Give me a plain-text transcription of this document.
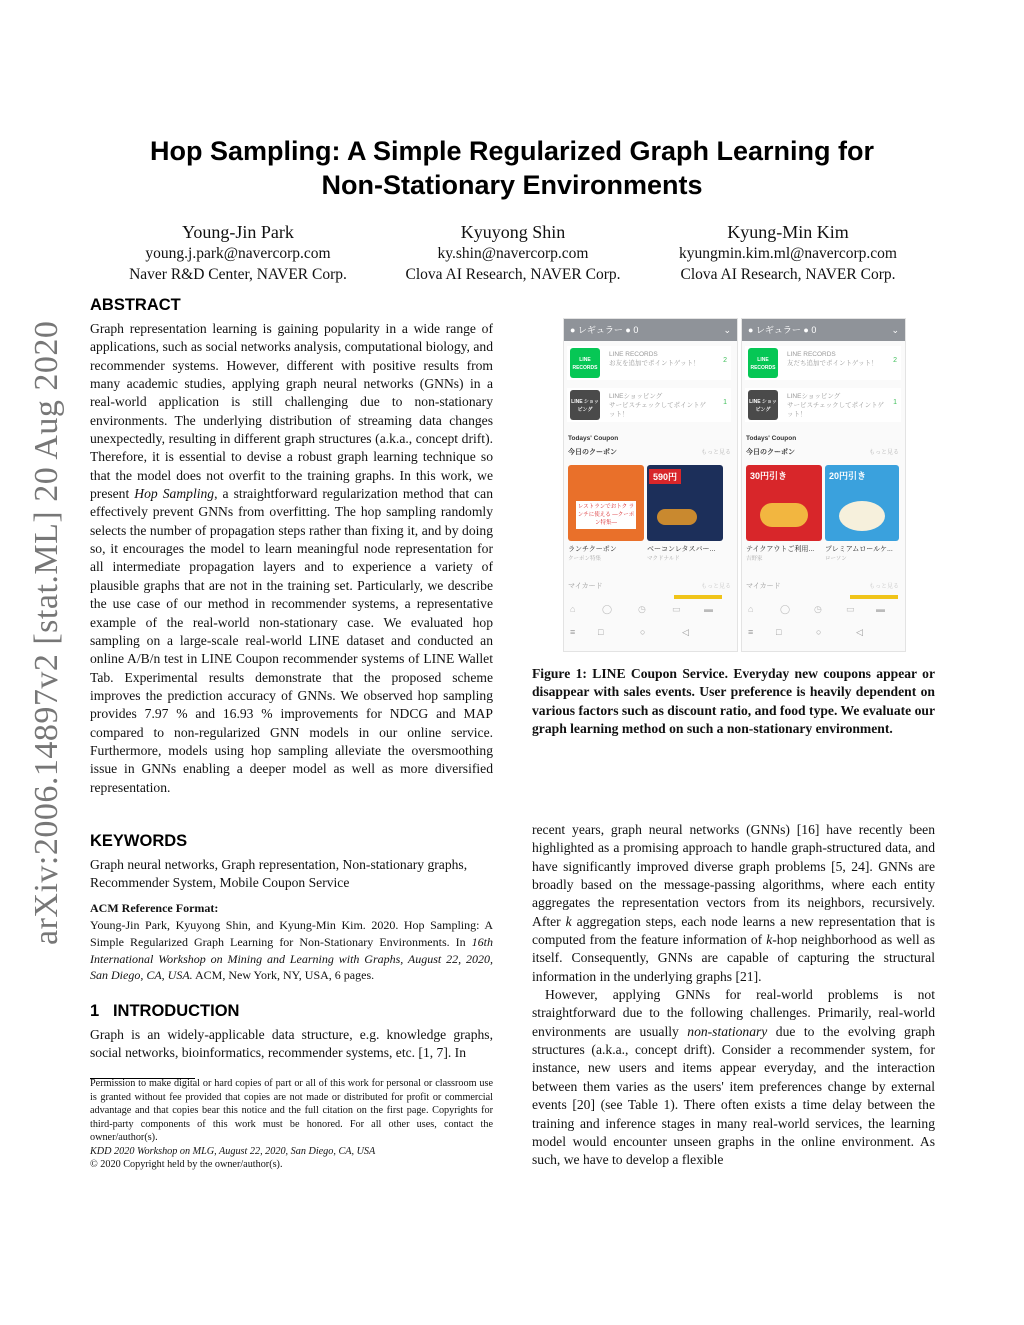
arXiv:2006.14897v2 [stat.ML] 20 Aug 2020
Hop Sampling: A Simple Regularized Graph Learning for
Non-Stationary Environments
Young-Jin Park
young.j.park@navercorp.com
Naver R&D Center, NAVER Corp.
Kyuyong Shin
ky.shin@navercorp.com
Clova AI Research, NAVER Corp.
Kyung-Min Kim
kyungmin.kim.ml@navercorp.com
Clova AI Research, NAVER Corp.
ABSTRACT

Graph representation learning is gaining popularity in a wide range of applications, such as social networks analysis, computational biology, and recommender systems. However, different with positive results from many academic studies, applying graph neural networks (GNNs) in a real-world application is still challenging due to non-stationary environments. The underlying distribution of streaming data changes unexpectedly, resulting in different graph structures (a.k.a., concept drift). Therefore, it is essential to devise a robust graph learning technique so that the model does not overfit to the training graphs. In this work, we present Hop Sampling, a straightforward regularization method that can effectively prevent GNNs from overfitting. The hop sampling randomly selects the number of propagation steps rather than fixing it, and by doing so, it encourages the model to learn meaningful node representation for all intermediate propagation layers and to experience a variety of plausible graphs that are not in the training set. Particularly, we describe the use case of our method in recommender systems, a representative example of the real-world non-stationary case. We evaluated hop sampling on a large-scale real-world LINE dataset and conducted an online A/B/n test in LINE Coupon recommender systems of LINE Wallet Tab. Experimental results demonstrate that the proposed scheme improves the prediction accuracy of GNNs. We observed hop sampling provides 7.97 % and 16.93 % improvements for NDCG and MAP compared to non-regularized GNN models in our online service. Furthermore, models using hop sampling alleviate the oversmoothing issue in GNNs enabling a deeper model as well as more diversified representation.

KEYWORDS
Graph neural networks, Graph representation, Non-stationary graphs, Recommender System, Mobile Coupon Service
ACM Reference Format:
Young-Jin Park, Kyuyong Shin, and Kyung-Min Kim. 2020. Hop Sampling: A Simple Regularized Graph Learning for Non-Stationary Environments. In 16th International Workshop on Mining and Learning with Graphs, August 22, 2020, San Diego, CA, USA. ACM, New York, NY, USA, 6 pages.
1 INTRODUCTION
Graph is an widely-applicable data structure, e.g. knowledge graphs, social networks, bioinformatics, recommender systems, etc. [1, 7]. In
Permission to make digital or hard copies of part or all of this work for personal or classroom use is granted without fee provided that copies are not made or distributed for profit or commercial advantage and that copies bear this notice and the full citation on the first page. Copyrights for third-party components of this work must be honored. For all other uses, contact the owner/author(s).
KDD 2020 Workshop on MLG, August 22, 2020, San Diego, CA, USA
© 2020 Copyright held by the owner/author(s).
● レギュラー ● 0	⌄
LINE RECORDS
LINE RECORDS
お友を追加でポイントゲット！	2
LINE ショッピング
LINEショッピング
サービスチェックしてポイントゲット！
1
Todays' Coupon
今日のクーポン	もっと見る
レストランでおトク ランチに使える —クーポン特集—
590円
ランチクーポン
クーポン特集
ベーコンレタスバー...
マクドナルド
マイカード	もっと見る
⌂	◯	◷	▭	▬
≡	□	○	◁
● レギュラー ● 0	⌄
LINE RECORDS
LINE RECORDS
友だち追加でポイントゲット！	2
LINE ショッピング
LINEショッピング
サービスチェックしてポイントゲット！
1
Todays' Coupon
今日のクーポン	もっと見る
30円引き	20円引き
テイクアウトご利用...
吉野家
プレミアムロールケ...
ローソン
マイカード	もっと見る
⌂	◯	◷	▭ ▬
≡	□	○	◁
Figure 1: LINE Coupon Service. Everyday new coupons appear or disappear with sales events. User preference is heavily dependent on various factors such as discount ratio, and food type. We evaluate our graph learning method on such a non-stationary environment.

recent years, graph neural networks (GNNs) [16] have recently been highlighted as a promising approach to handle graph-structured data, and have significantly improved diverse graph problems [5, 24]. GNNs are broadly based on the message-passing algorithms, where each entity aggregates the representation vectors from its neighbors, recursively. After k aggregation steps, each node learns a new representation that is computed from the feature information of k-hop neighborhood as well as itself. Consequently, GNNs are capable of capturing the structural information in the underlying graphs [21].

However, applying GNNs for real-world problems is not straightforward due to the following challenges. Primarily, real-world environments are usually non-stationary due to the evolving graph structures (a.k.a., concept drift). Consider a recommender system, for instance, new users and items appear everyday, and the interaction between them varies as the users' item preferences change by external events [20] (see Table 1). There often exists a time delay between the training and inference stages in many real-world services, the learning model would encounter unseen graphs in the online environment. As such, we have to develop a flexible
